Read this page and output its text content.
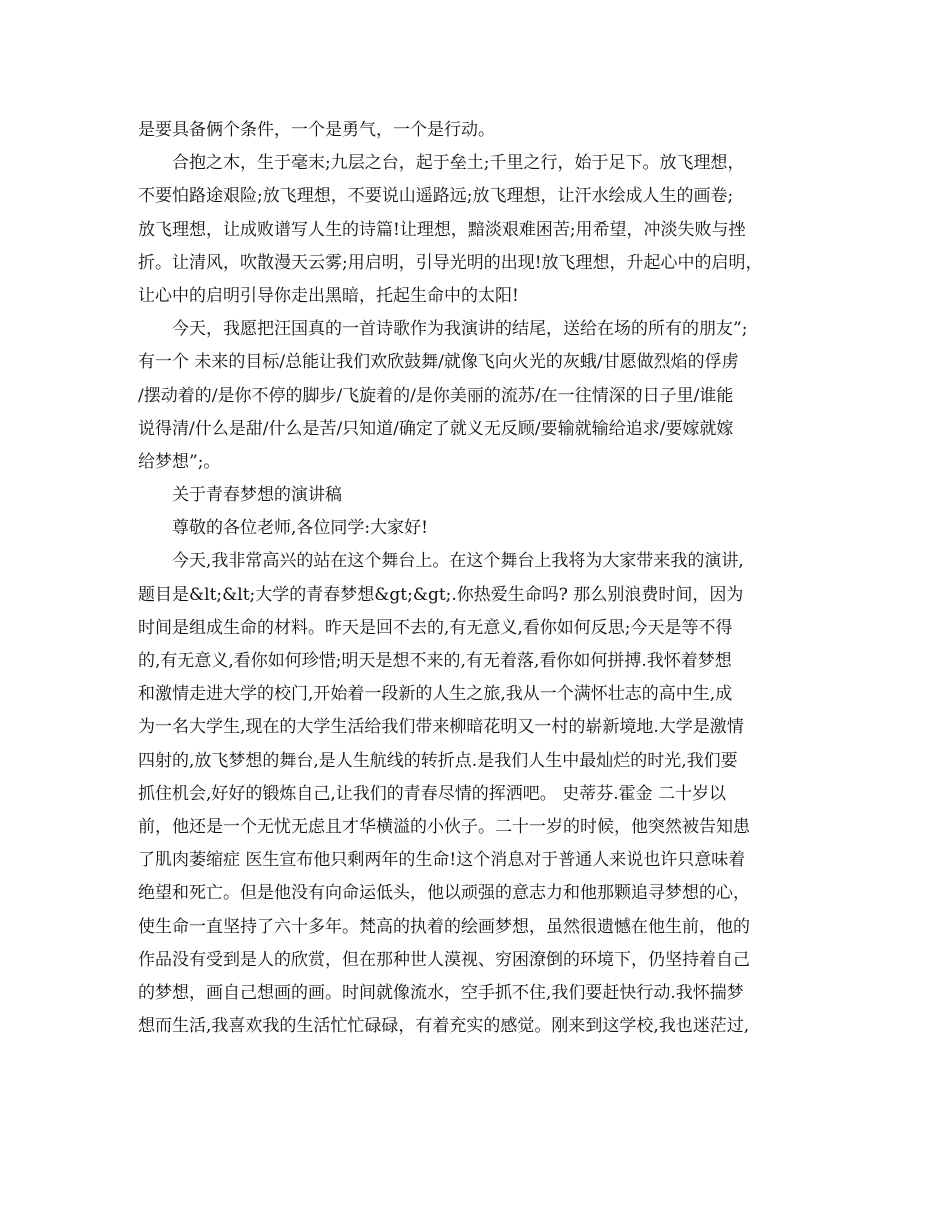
是要具备俩个条件，一个是勇气，一个是行动。
合抱之木，生于毫末;九层之台，起于垒土;千里之行，始于足下。放飞理想，
不要怕路途艰险;放飞理想，不要说山遥路远;放飞理想，让汗水绘成人生的画卷;
放飞理想，让成败谱写人生的诗篇!让理想，黯淡艰难困苦;用希望，冲淡失败与挫
折。让清风，吹散漫天云雾;用启明，引导光明的出现!放飞理想，升起心中的启明，
让心中的启明引导你走出黑暗，托起生命中的太阳!
今天，我愿把汪国真的一首诗歌作为我演讲的结尾，送给在场的所有的朋友”;
有一个 未来的目标/总能让我们欢欣鼓舞/就像飞向火光的灰蛾/甘愿做烈焰的俘虏
/摆动着的/是你不停的脚步/飞旋着的/是你美丽的流苏/在一往情深的日子里/谁能
说得清/什么是甜/什么是苦/只知道/确定了就义无反顾/要输就输给追求/要嫁就嫁
给梦想”;。
关于青春梦想的演讲稿
尊敬的各位老师,各位同学:大家好!
今天,我非常高兴的站在这个舞台上。在这个舞台上我将为大家带来我的演讲,
题目是&lt;&lt;大学的青春梦想&gt;&gt;.你热爱生命吗? 那么别浪费时间，因为
时间是组成生命的材料。昨天是回不去的,有无意义,看你如何反思;今天是等不得
的,有无意义,看你如何珍惜;明天是想不来的,有无着落,看你如何拼搏.我怀着梦想
和激情走进大学的校门,开始着一段新的人生之旅,我从一个满怀壮志的高中生,成
为一名大学生,现在的大学生活给我们带来柳暗花明又一村的崭新境地.大学是激情
四射的,放飞梦想的舞台,是人生航线的转折点.是我们人生中最灿烂的时光,我们要
抓住机会,好好的锻炼自己,让我们的青春尽情的挥洒吧。 史蒂芬.霍金 二十岁以
前，他还是一个无忧无虑且才华横溢的小伙子。二十一岁的时候，他突然被告知患
了肌肉萎缩症 医生宣布他只剩两年的生命!这个消息对于普通人来说也许只意味着
绝望和死亡。但是他没有向命运低头，他以顽强的意志力和他那颗追寻梦想的心，
使生命一直坚持了六十多年。梵高的执着的绘画梦想，虽然很遗憾在他生前，他的
作品没有受到是人的欣赏，但在那种世人漠视、穷困潦倒的环境下，仍坚持着自己
的梦想，画自己想画的画。时间就像流水，空手抓不住,我们要赶快行动.我怀揣梦
想而生活,我喜欢我的生活忙忙碌碌，有着充实的感觉。刚来到这学校,我也迷茫过,
